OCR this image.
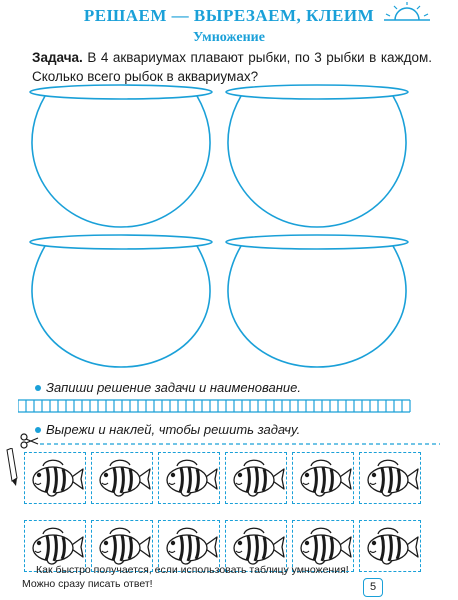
РЕШАЕМ — ВЫРЕЗАЕМ, КЛЕИМ
Умножение
Задача. В 4 аквариумах плавают рыбки, по 3 рыбки в каждом. Сколько всего рыбок в аквариумах?
Запиши решение задачи и наименование.
Вырежи и наклей, чтобы решить задачу.

Как быстро получается, если использовать таблицу умножения!

Можно сразу писать ответ!	5
